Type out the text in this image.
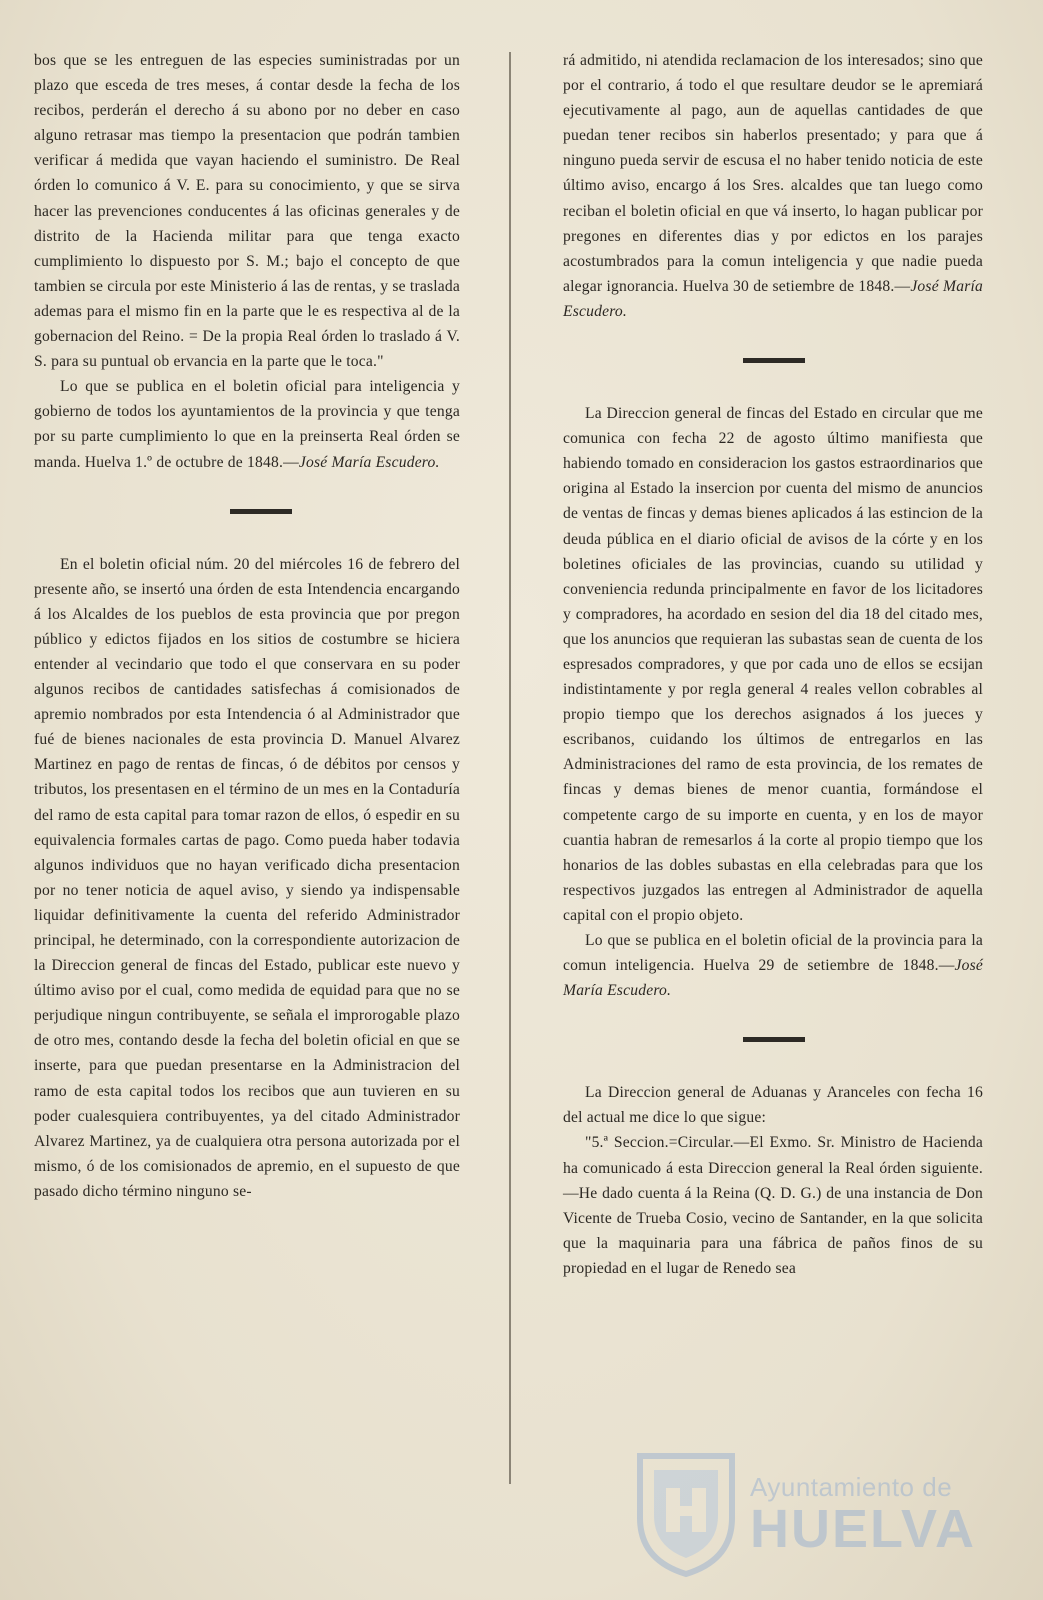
bos que se les entreguen de las especies suministradas por un plazo que esceda de tres meses, á contar desde la fecha de los recibos, perderán el derecho á su abono por no deber en caso alguno retrasar mas tiempo la presentacion que podrán tambien verificar á medida que vayan haciendo el suministro. De Real órden lo comunico á V. E. para su conocimiento, y que se sirva hacer las prevenciones conducentes á las oficinas generales y de distrito de la Hacienda militar para que tenga exacto cumplimiento lo dispuesto por S. M.; bajo el concepto de que tambien se circula por este Ministerio á las de rentas, y se traslada ademas para el mismo fin en la parte que le es respectiva al de la gobernacion del Reino. = De la propia Real órden lo traslado á V. S. para su puntual ob ervancia en la parte que le toca."

Lo que se publica en el boletin oficial para inteligencia y gobierno de todos los ayuntamientos de la provincia y que tenga por su parte cumplimiento lo que en la preinserta Real órden se manda. Huelva 1.º de octubre de 1848.—José María Escudero.

En el boletin oficial núm. 20 del miércoles 16 de febrero del presente año, se insertó una órden de esta Intendencia encargando á los Alcaldes de los pueblos de esta provincia que por pregon público y edictos fijados en los sitios de costumbre se hiciera entender al vecindario que todo el que conservara en su poder algunos recibos de cantidades satisfechas á comisionados de apremio nombrados por esta Intendencia ó al Administrador que fué de bienes nacionales de esta provincia D. Manuel Alvarez Martinez en pago de rentas de fincas, ó de débitos por censos y tributos, los presentasen en el término de un mes en la Contaduría del ramo de esta capital para tomar razon de ellos, ó espedir en su equivalencia formales cartas de pago. Como pueda haber todavia algunos individuos que no hayan verificado dicha presentacion por no tener noticia de aquel aviso, y siendo ya indispensable liquidar definitivamente la cuenta del referido Administrador principal, he determinado, con la correspondiente autorizacion de la Direccion general de fincas del Estado, publicar este nuevo y último aviso por el cual, como medida de equidad para que no se perjudique ningun contribuyente, se señala el improrogable plazo de otro mes, contando desde la fecha del boletin oficial en que se inserte, para que puedan presentarse en la Administracion del ramo de esta capital todos los recibos que aun tuvieren en su poder cualesquiera contribuyentes, ya del citado Administrador Alvarez Martinez, ya de cualquiera otra persona autorizada por el mismo, ó de los comisionados de apremio, en el supuesto de que pasado dicho término ninguno se-

rá admitido, ni atendida reclamacion de los interesados; sino que por el contrario, á todo el que resultare deudor se le apremiará ejecutivamente al pago, aun de aquellas cantidades de que puedan tener recibos sin haberlos presentado; y para que á ninguno pueda servir de escusa el no haber tenido noticia de este último aviso, encargo á los Sres. alcaldes que tan luego como reciban el boletin oficial en que vá inserto, lo hagan publicar por pregones en diferentes dias y por edictos en los parajes acostumbrados para la comun inteligencia y que nadie pueda alegar ignorancia. Huelva 30 de setiembre de 1848.—José María Escudero.

La Direccion general de fincas del Estado en circular que me comunica con fecha 22 de agosto último manifiesta que habiendo tomado en consideracion los gastos estraordinarios que origina al Estado la insercion por cuenta del mismo de anuncios de ventas de fincas y demas bienes aplicados á las estincion de la deuda pública en el diario oficial de avisos de la córte y en los boletines oficiales de las provincias, cuando su utilidad y conveniencia redunda principalmente en favor de los licitadores y compradores, ha acordado en sesion del dia 18 del citado mes, que los anuncios que requieran las subastas sean de cuenta de los espresados compradores, y que por cada uno de ellos se ecsijan indistintamente y por regla general 4 reales vellon cobrables al propio tiempo que los derechos asignados á los jueces y escribanos, cuidando los últimos de entregarlos en las Administraciones del ramo de esta provincia, de los remates de fincas y demas bienes de menor cuantia, formándose el competente cargo de su importe en cuenta, y en los de mayor cuantia habran de remesarlos á la corte al propio tiempo que los honarios de las dobles subastas en ella celebradas para que los respectivos juzgados las entregen al Administrador de aquella capital con el propio objeto.

Lo que se publica en el boletin oficial de la provincia para la comun inteligencia. Huelva 29 de setiembre de 1848.—José María Escudero.

La Direccion general de Aduanas y Aranceles con fecha 16 del actual me dice lo que sigue:

"5.ª Seccion.=Circular.—El Exmo. Sr. Ministro de Hacienda ha comunicado á esta Direccion general la Real órden siguiente.—He dado cuenta á la Reina (Q. D. G.) de una instancia de Don Vicente de Trueba Cosio, vecino de Santander, en la que solicita que la maquinaria para una fábrica de paños finos de su propiedad en el lugar de Renedo sea

Ayuntamiento de
HUELVA
